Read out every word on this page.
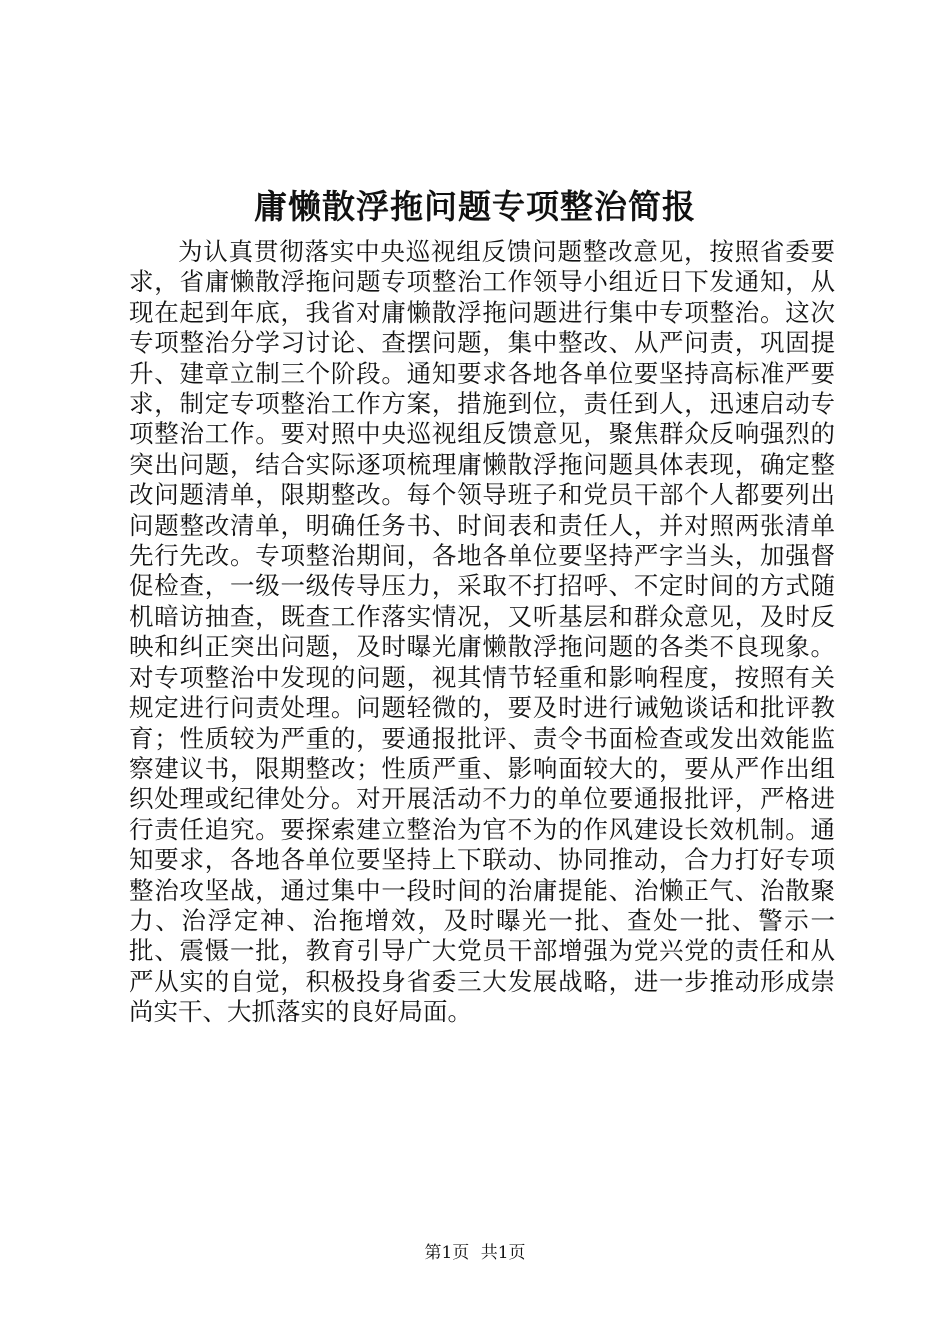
庸懒散浮拖问题专项整治简报

为认真贯彻落实中央巡视组反馈问题整改意见，按照省委要求，省庸懒散浮拖问题专项整治工作领导小组近日下发通知，从现在起到年底，我省对庸懒散浮拖问题进行集中专项整治。这次专项整治分学习讨论、查摆问题，集中整改、从严问责，巩固提升、建章立制三个阶段。通知要求各地各单位要坚持高标准严要求，制定专项整治工作方案，措施到位，责任到人，迅速启动专项整治工作。要对照中央巡视组反馈意见，聚焦群众反响强烈的突出问题，结合实际逐项梳理庸懒散浮拖问题具体表现，确定整改问题清单，限期整改。每个领导班子和党员干部个人都要列出问题整改清单，明确任务书、时间表和责任人，并对照两张清单先行先改。专项整治期间，各地各单位要坚持严字当头，加强督促检查，一级一级传导压力，采取不打招呼、不定时间的方式随机暗访抽查，既查工作落实情况，又听基层和群众意见，及时反映和纠正突出问题，及时曝光庸懒散浮拖问题的各类不良现象。对专项整治中发现的问题，视其情节轻重和影响程度，按照有关规定进行问责处理。问题轻微的，要及时进行诫勉谈话和批评教育；性质较为严重的，要通报批评、责令书面检查或发出效能监察建议书，限期整改；性质严重、影响面较大的，要从严作出组织处理或纪律处分。对开展活动不力的单位要通报批评，严格进行责任追究。要探索建立整治为官不为的作风建设长效机制。通知要求，各地各单位要坚持上下联动、协同推动，合力打好专项整治攻坚战，通过集中一段时间的治庸提能、治懒正气、治散聚力、治浮定神、治拖增效，及时曝光一批、查处一批、警示一批、震慑一批，教育引导广大党员干部增强为党兴党的责任和从严从实的自觉，积极投身省委三大发展战略，进一步推动形成崇尚实干、大抓落实的良好局面。

第1页 共1页
